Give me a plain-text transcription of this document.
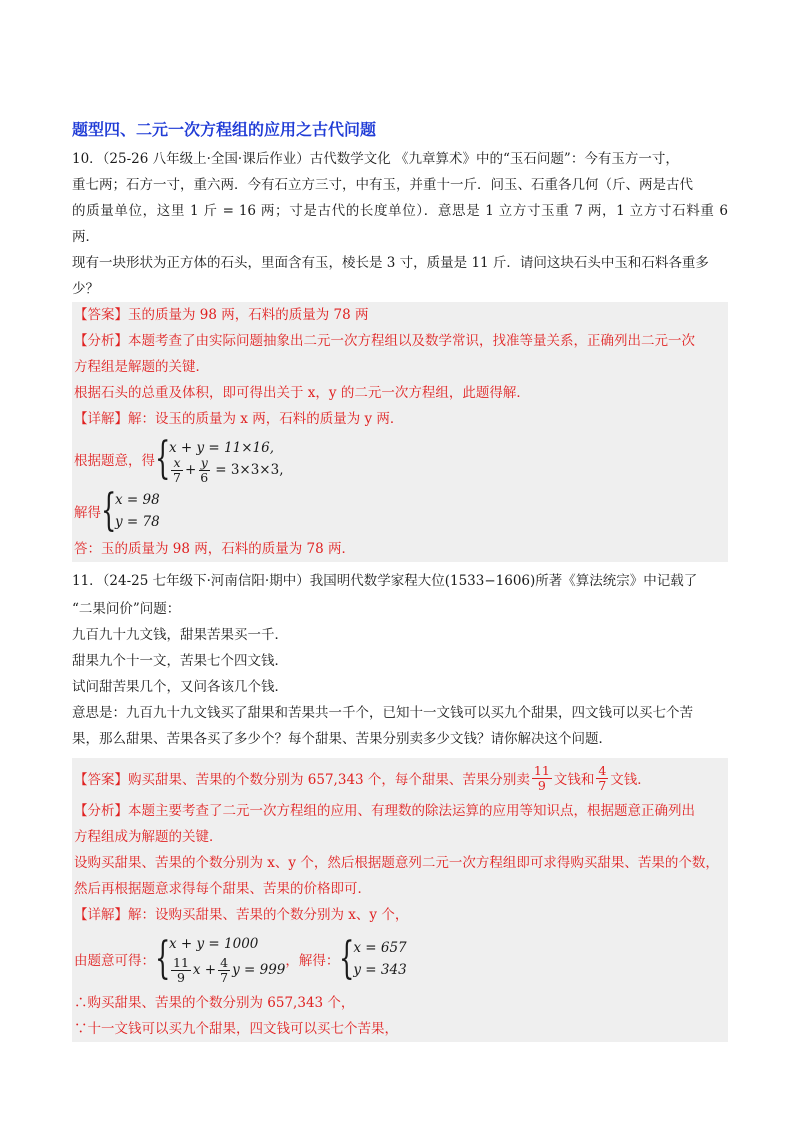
题型四、二元一次方程组的应用之古代问题
10．（25-26 八年级上·全国·课后作业）古代数学文化 《九章算术》中的“玉石问题”：今有玉方一寸，
重七两；石方一寸，重六两．今有石立方三寸，中有玉，并重十一斤．问玉、石重各几何（斤、两是古代
的质量单位，这里 1 斤 = 16 两；寸是古代的长度单位）．意思是 1 立方寸玉重 7 两，1 立方寸石料重 6 两．
现有一块形状为正方体的石头，里面含有玉，棱长是 3 寸，质量是 11 斤．请问这块石头中玉和石料各重多
少？
【答案】玉的质量为 98 两，石料的质量为 78 两
【分析】本题考查了由实际问题抽象出二元一次方程组以及数学常识，找准等量关系，正确列出二元一次
方程组是解题的关键．
根据石头的总重及体积，即可得出关于 x，y 的二元一次方程组，此题得解．
【详解】解：设玉的质量为 x 两，石料的质量为 y 两．
根据题意，得 {
x + y = 11×16,
$\frac{x}{7} + \frac{y}{6} = 3\times 3\times 3$,
解得 {
x = 98
y = 78
答：玉的质量为 98 两，石料的质量为 78 两．
11．（24-25 七年级下·河南信阳·期中）我国明代数学家程大位(1533−1606)所著《算法统宗》中记载了
“二果问价”问题：
九百九十九文钱，甜果苦果买一千．
甜果九个十一文，苦果七个四文钱．
试问甜苦果几个，又问各该几个钱．
意思是：九百九十九文钱买了甜果和苦果共一千个，已知十一文钱可以买九个甜果，四文钱可以买七个苦
果，那么甜果、苦果各买了多少个？每个甜果、苦果分别卖多少文钱？请你解决这个问题．
【答案】 购买甜果、苦果的个数分别为 657,343 个，每个甜果、苦果分别卖 $\frac{11}{9}$ 文钱和 $\frac{4}{7}$ 文钱．
【分析】本题主要考查了二元一次方程组的应用、有理数的除法运算的应用等知识点，根据题意正确列出
方程组成为解题的关键．
设购买甜果、苦果的个数分别为 x、y 个，然后根据题意列二元一次方程组即可求得购买甜果、苦果的个数，
然后再根据题意求得每个甜果、苦果的价格即可．
【详解】解：设购买甜果、苦果的个数分别为 x、y 个，
由题意可得： {
x + y = 1000
$\frac{11}{9}$ $x + \frac{4}{7}$ y = 999
，解得： {
x = 657
y = 343
∴购买甜果、苦果的个数分别为 657,343 个，
∵十一文钱可以买九个甜果，四文钱可以买七个苦果，
